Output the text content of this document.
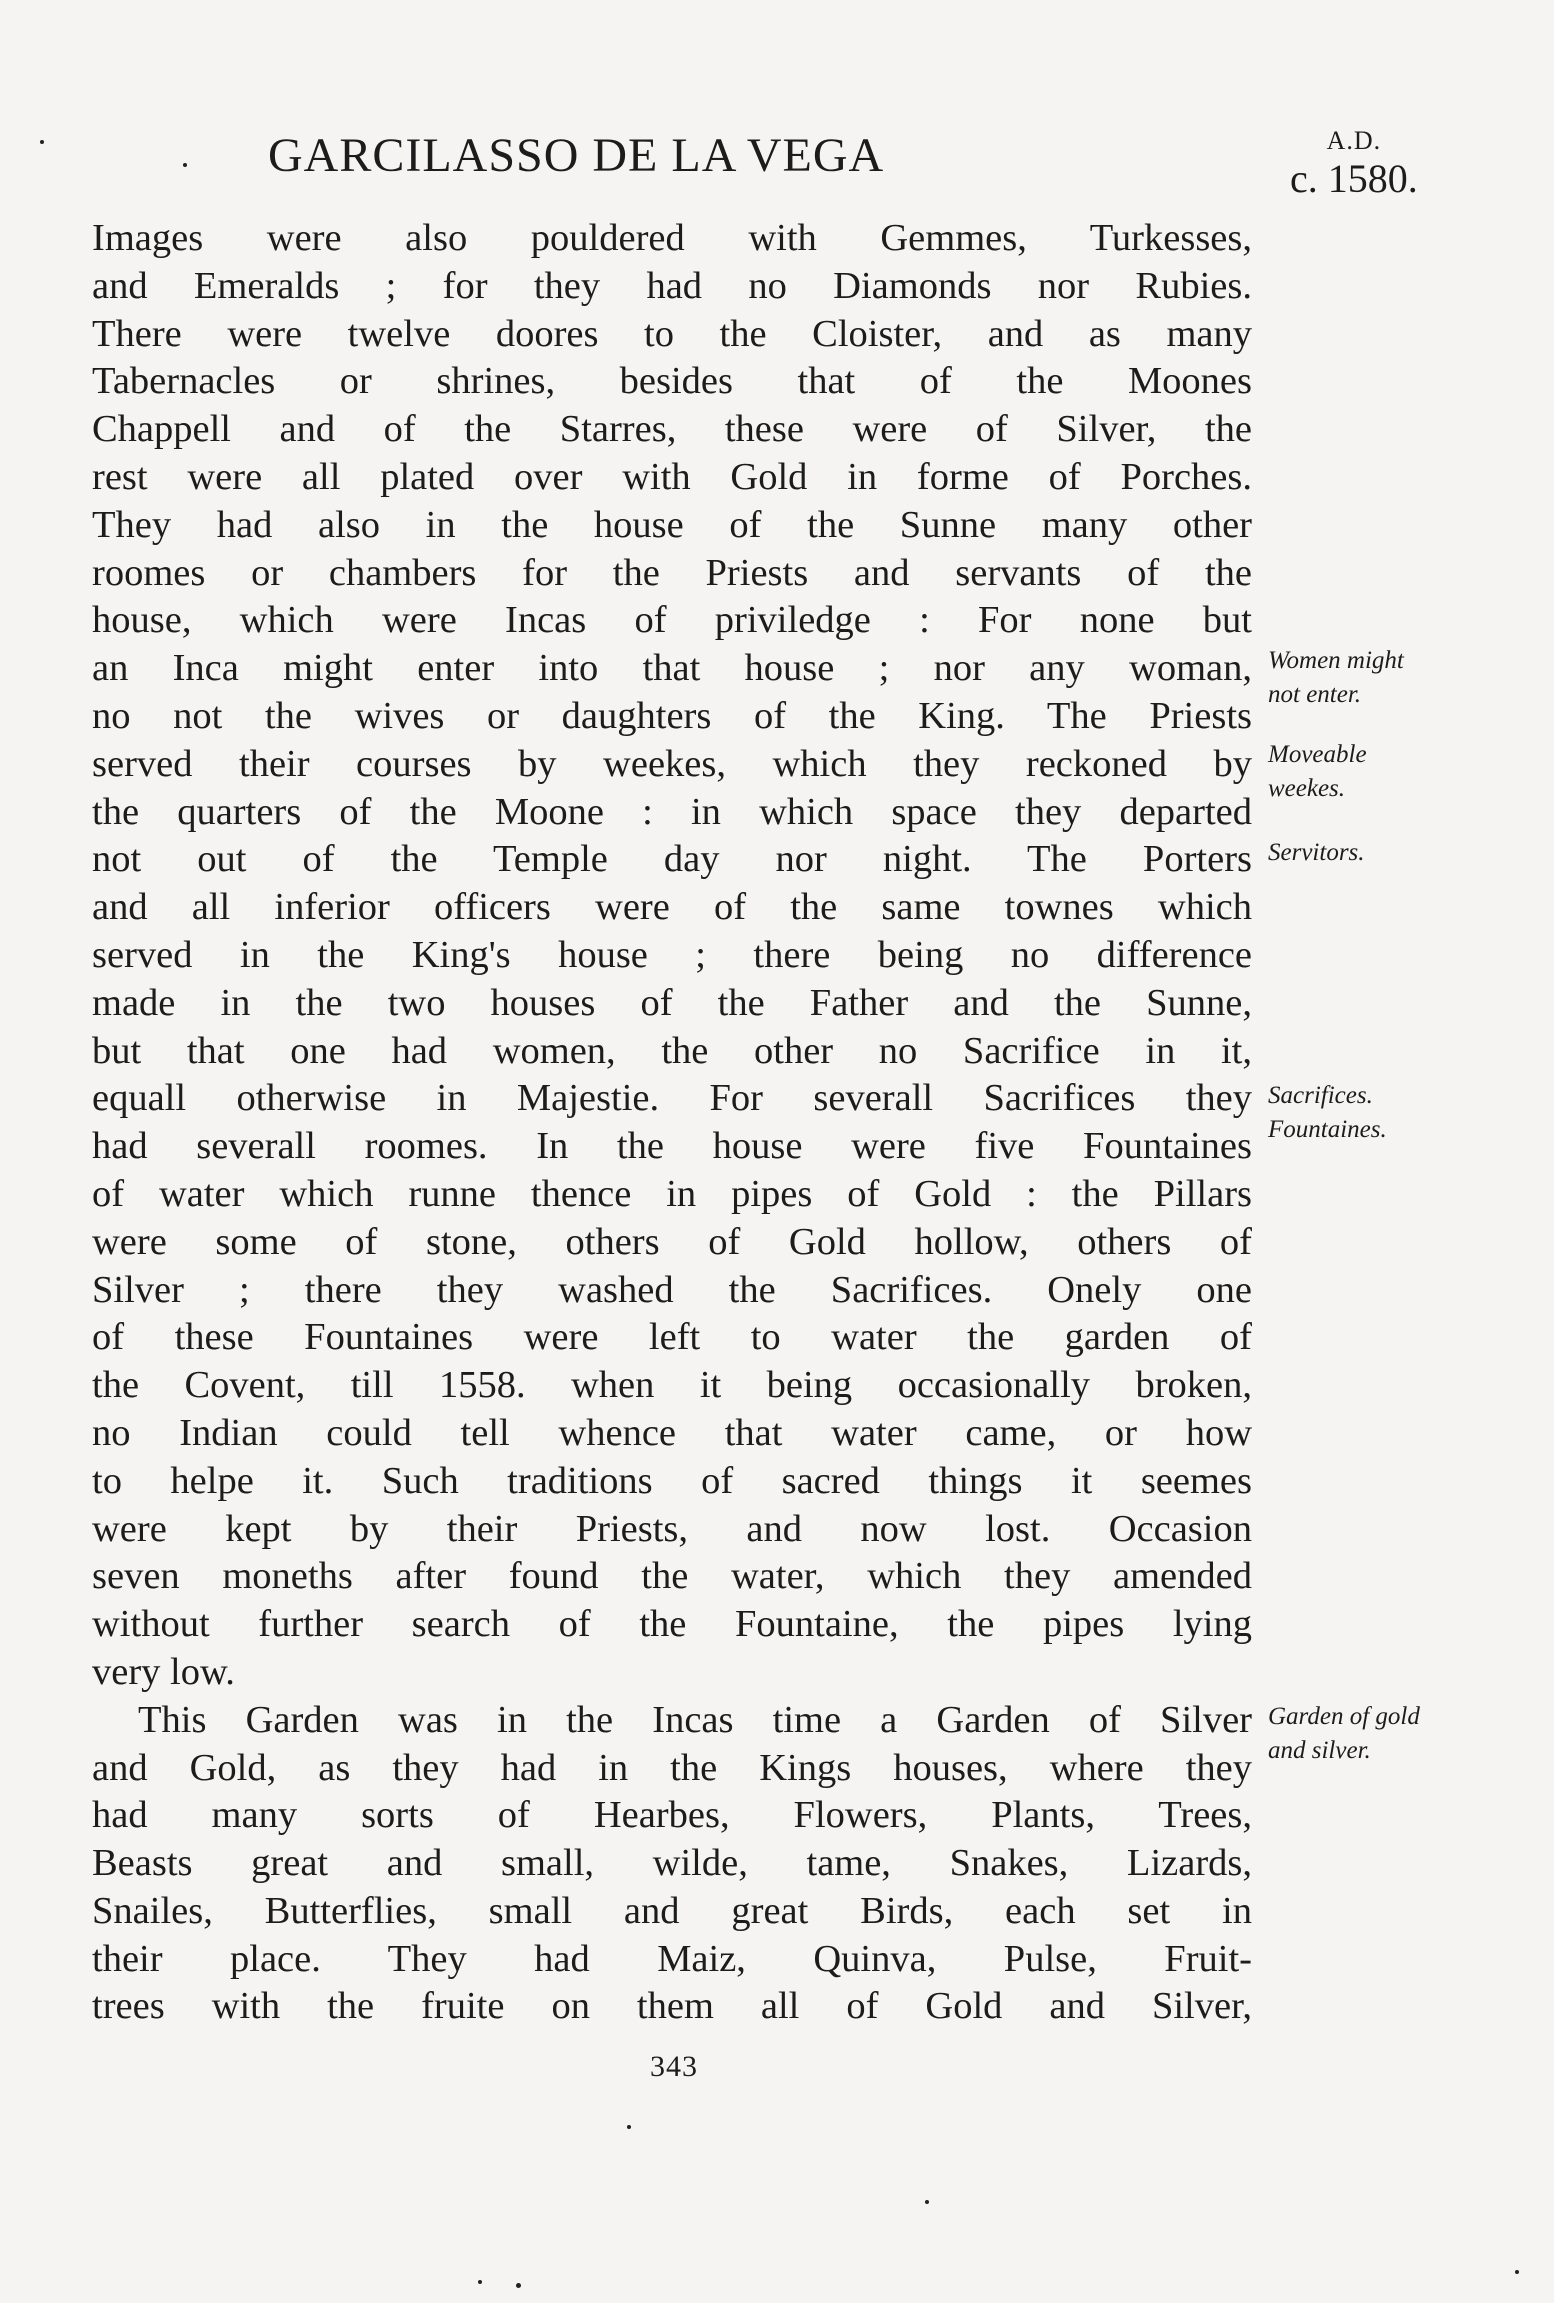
GARCILASSO DE LA VEGA	A.D.
c. 1580.
Images were also pouldered with Gemmes, Turkesses,
and Emeralds ; for they had no Diamonds nor Rubies.
There were twelve doores to the Cloister, and as many
Tabernacles or shrines, besides that of the Moones
Chappell and of the Starres, these were of Silver, the
rest were all plated over with Gold in forme of Porches.
They had also in the house of the Sunne many other
roomes or chambers for the Priests and servants of the
house, which were Incas of priviledge : For none but
an Inca might enter into that house ; nor any woman,
no not the wives or daughters of the King. The Priests
served their courses by weekes, which they reckoned by
the quarters of the Moone : in which space they departed
not out of the Temple day nor night. The Porters
and all inferior officers were of the same townes which
served in the King's house ; there being no difference
made in the two houses of the Father and the Sunne,
but that one had women, the other no Sacrifice in it,
equall otherwise in Majestie. For severall Sacrifices they
had severall roomes. In the house were five Fountaines
of water which runne thence in pipes of Gold : the Pillars
were some of stone, others of Gold hollow, others of
Silver ; there they washed the Sacrifices. Onely one
of these Fountaines were left to water the garden of
the Covent, till 1558. when it being occasionally broken,
no Indian could tell whence that water came, or how
to helpe it. Such traditions of sacred things it seemes
were kept by their Priests, and now lost. Occasion
seven moneths after found the water, which they amended
without further search of the Fountaine, the pipes lying
very low.
This Garden was in the Incas time a Garden of Silver
and Gold, as they had in the Kings houses, where they
had many sorts of Hearbes, Flowers, Plants, Trees,
Beasts great and small, wilde, tame, Snakes, Lizards,
Snailes, Butterflies, small and great Birds, each set in
their place. They had Maiz, Quinva, Pulse, Fruit-
trees with the fruite on them all of Gold and Silver,
Women might
not enter.
Moveable
weekes.
Servitors.
Sacrifices.
Fountaines.
Garden of gold
and silver.
343
